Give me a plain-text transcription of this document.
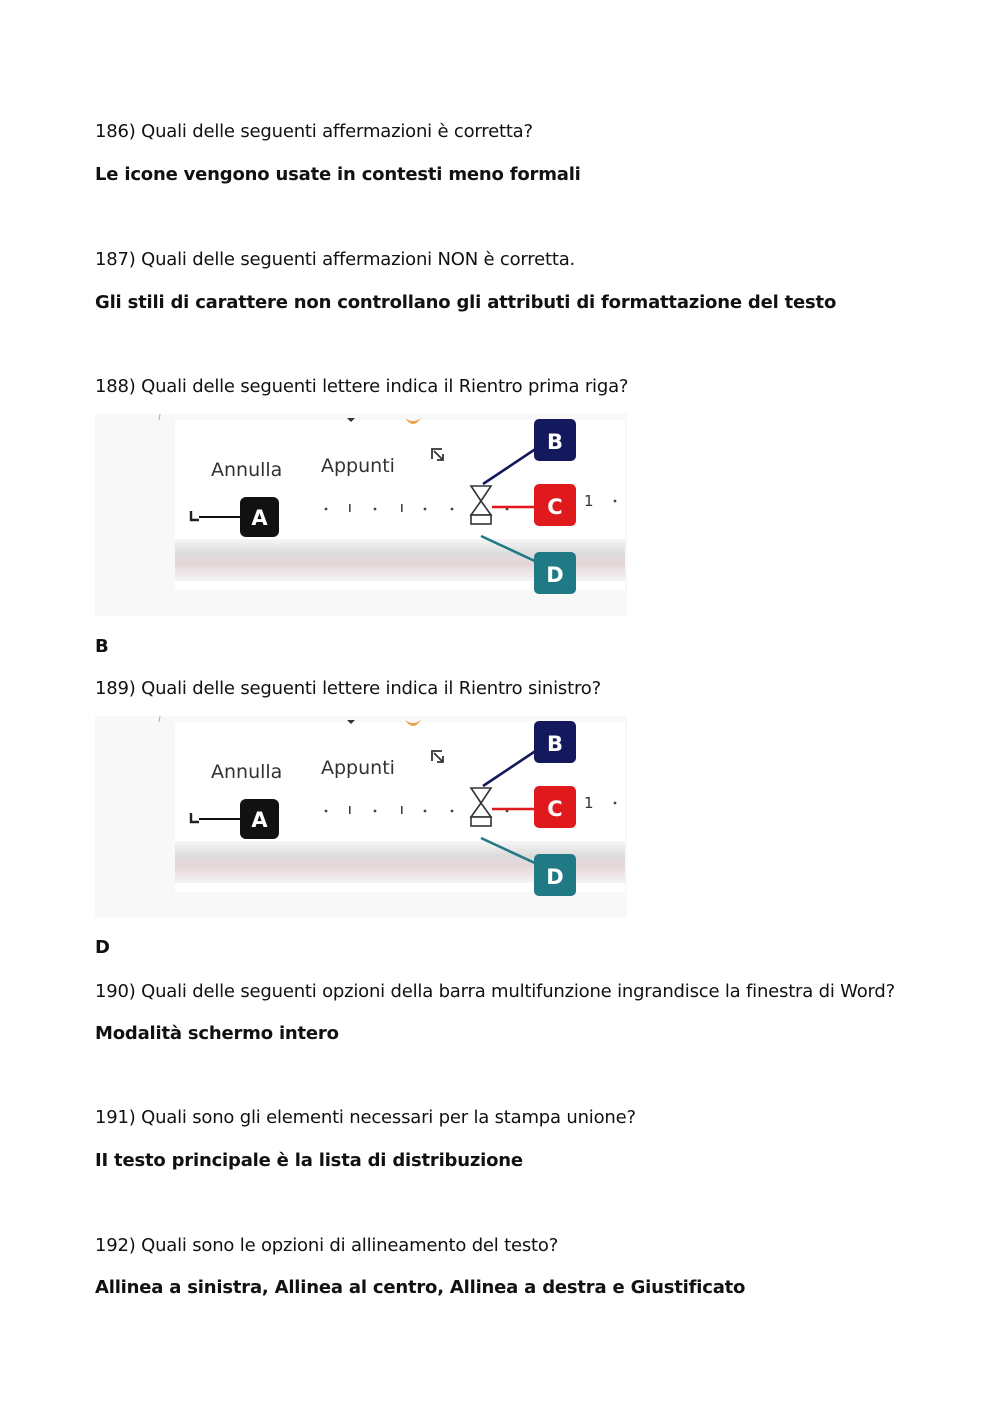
186) Quali delle seguenti affermazioni è corretta?
Le icone vengono usate in contesti meno formali
187) Quali delle seguenti affermazioni NON è corretta.
Gli stili di carattere non controllano gli attributi di formattazione del testo
188) Quali delle seguenti lettere indica il Rientro prima riga?
Annulla Appunti
A
1
B
C
D
B
189) Quali delle seguenti lettere indica il Rientro sinistro?
Annulla Appunti
A
1
B
C
D
D
190) Quali delle seguenti opzioni della barra multifunzione ingrandisce la finestra di Word?
Modalità schermo intero
191) Quali sono gli elementi necessari per la stampa unione?
II testo principale è la lista di distribuzione
192) Quali sono le opzioni di allineamento del testo?
Allinea a sinistra, Allinea al centro, Allinea a destra e Giustificato
